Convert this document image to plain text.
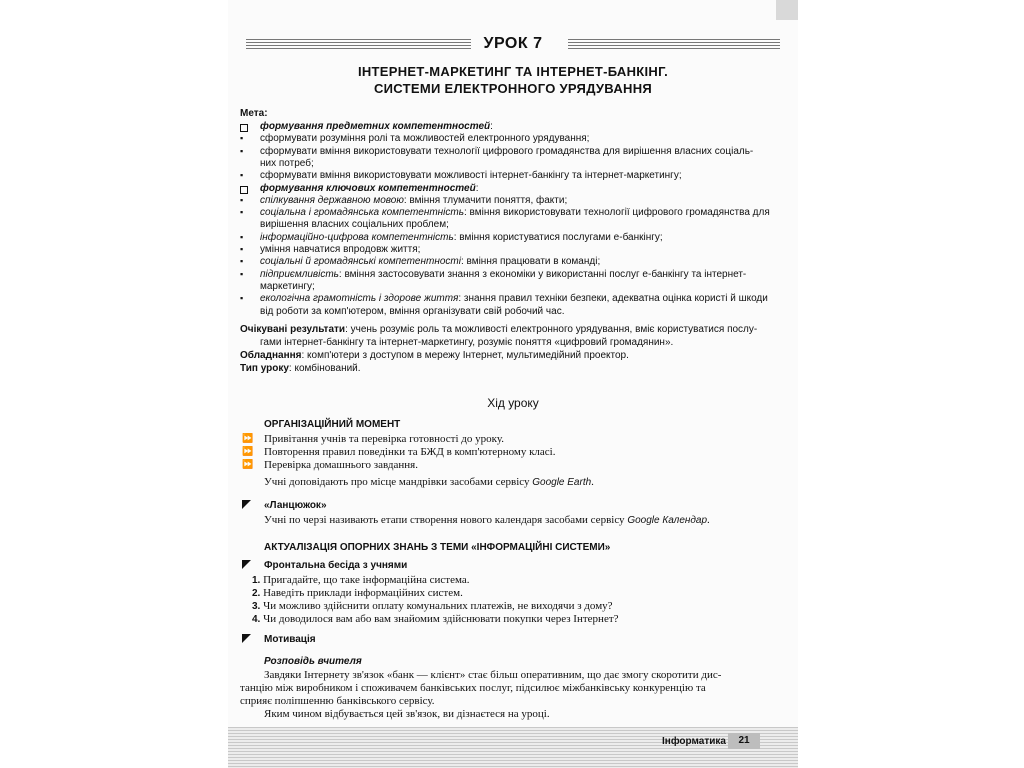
УРОК 7
ІНТЕРНЕТ-МАРКЕТИНГ ТА ІНТЕРНЕТ-БАНКІНГ.
СИСТЕМИ ЕЛЕКТРОННОГО УРЯДУВАННЯ
Мета:
Очікувані результати: учень розуміє роль та можливості електронного урядування, вміє користуватися послу-
гами інтернет-банкінгу та інтернет-маркетингу, розуміє поняття «цифровий громадянин».
Обладнання: комп'ютери з доступом в мережу Інтернет, мультимедійний проектор.
Тип уроку: комбінований.
Хід уроку
ОРГАНІЗАЦІЙНИЙ МОМЕНТ
Учні доповідають про місце мандрівки засобами сервісу Google Earth.
«Ланцюжок»
Учні по черзі називають етапи створення нового календаря засобами сервісу Google Календар.
АКТУАЛІЗАЦІЯ ОПОРНИХ ЗНАНЬ З ТЕМИ «ІНФОРМАЦІЙНІ СИСТЕМИ»
Фронтальна бесіда з учнями
Мотивація
Розповідь вчителя
Завдяки Інтернету зв'язок «банк — клієнт» стає більш оперативним, що дає змогу скоротити дис-
танцію між виробником і споживачем банківських послуг, підсилює міжбанківську конкуренцію та
сприяє поліпшенню банківського сервісу.
Яким чином відбувається цей зв'язок, ви дізнаєтеся на уроці.
Інформатика	21
формування предметних компетентностей:
▪ сформувати розуміння ролі та можливостей електронного урядування;
▪ сформувати вміння використовувати технології цифрового громадянства для вирішення власних соціаль-
них потреб;
▪ сформувати вміння використовувати можливості інтернет-банкінгу та інтернет-маркетингу;
формування ключових компетентностей:
▪ спілкування державною мовою: вміння тлумачити поняття, факти;
▪ соціальна і громадянська компетентність: вміння використовувати технології цифрового громадянства для
вирішення власних соціальних проблем;
▪ інформаційно-цифрова компетентність: вміння користуватися послугами е-банкінгу;
▪ уміння навчатися впродовж життя;
▪ соціальні й громадянські компетентності: вміння працювати в команді;
▪ підприємливість: вміння застосовувати знання з економіки у використанні послуг е-банкінгу та інтернет-
маркетингу;
▪ екологічна грамотність і здорове життя: знання правил техніки безпеки, адекватна оцінка користі й шкоди
від роботи за комп'ютером, вміння організувати свій робочий час.
⏩ Привітання учнів та перевірка готовності до уроку.
⏩ Повторення правил поведінки та БЖД в комп'ютерному класі.
⏩ Перевірка домашнього завдання.
1. Пригадайте, що таке інформаційна система.
2. Наведіть приклади інформаційних систем.
3. Чи можливо здійснити оплату комунальних платежів, не виходячи з дому?
4. Чи доводилося вам або вам знайомим здійснювати покупки через Інтернет?
